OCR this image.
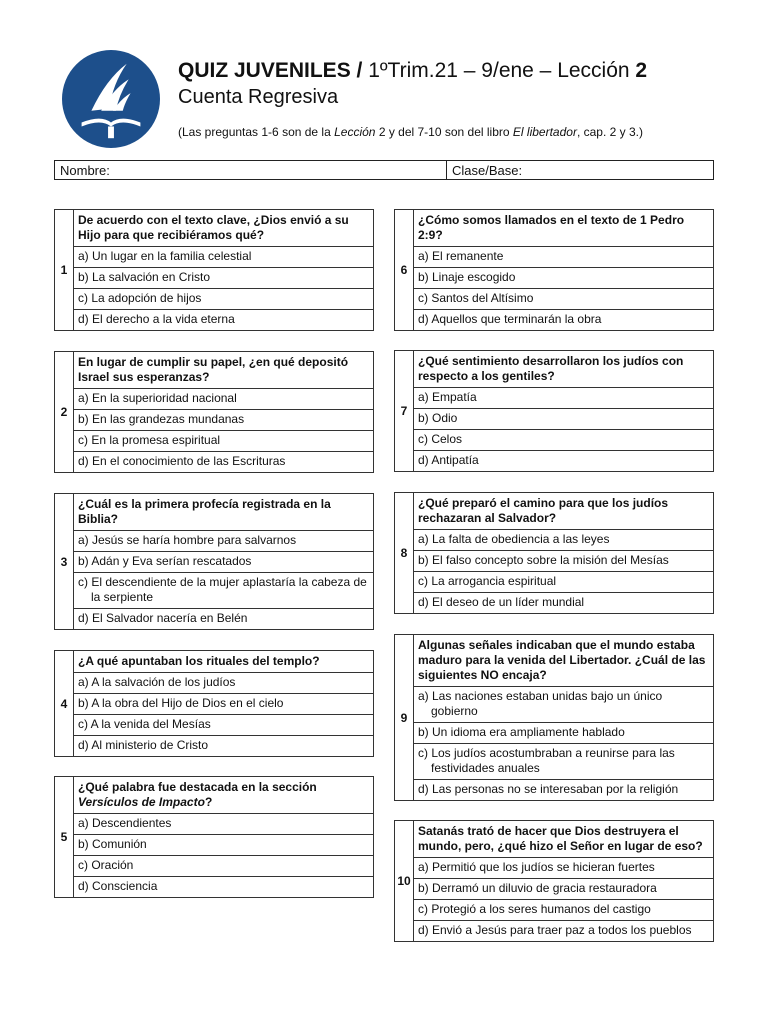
QUIZ JUVENILES / 1ºTrim.21 – 9/ene – Lección 2
Cuenta Regresiva
(Las preguntas 1-6 son de la Lección 2 y del 7-10 son del libro El libertador, cap. 2 y 3.)
Nombre:	Clase/Base:
1	De acuerdo con el texto clave, ¿Dios envió a su Hijo para que recibiéramos qué?
a) Un lugar en la familia celestial
b) La salvación en Cristo
c) La adopción de hijos
d) El derecho a la vida eterna
2	En lugar de cumplir su papel, ¿en qué depositó Israel sus esperanzas?
a) En la superioridad nacional
b) En las grandezas mundanas
c) En la promesa espiritual
d) En el conocimiento de las Escrituras
3	¿Cuál es la primera profecía registrada en la Biblia?
a) Jesús se haría hombre para salvarnos
b) Adán y Eva serían rescatados

c) El descendiente de la mujer aplastaría la cabeza de la serpiente

d) El Salvador nacería en Belén
4	¿A qué apuntaban los rituales del templo?
a) A la salvación de los judíos
b) A la obra del Hijo de Dios en el cielo
c) A la venida del Mesías
d) Al ministerio de Cristo
5	¿Qué palabra fue destacada en la sección Versículos de Impacto?
a) Descendientes
b) Comunión
c) Oración
d) Consciencia
6	¿Cómo somos llamados en el texto de 1 Pedro 2:9?
a) El remanente
b) Linaje escogido
c) Santos del Altísimo
d) Aquellos que terminarán la obra
7	¿Qué sentimiento desarrollaron los judíos con respecto a los gentiles?
a) Empatía
b) Odio
c) Celos
d) Antipatía
8	¿Qué preparó el camino para que los judíos rechazaran al Salvador?
a) La falta de obediencia a las leyes
b) El falso concepto sobre la misión del Mesías
c) La arrogancia espiritual
d) El deseo de un líder mundial
9	Algunas señales indicaban que el mundo estaba maduro para la venida del Libertador. ¿Cuál de las siguientes NO encaja?

a) Las naciones estaban unidas bajo un único gobierno

b) Un idioma era ampliamente hablado

c) Los judíos acostumbraban a reunirse para las festividades anuales

d) Las personas no se interesaban por la religión
10	Satanás trató de hacer que Dios destruyera el mundo, pero, ¿qué hizo el Señor en lugar de eso?
a) Permitió que los judíos se hicieran fuertes
b) Derramó un diluvio de gracia restauradora
c) Protegió a los seres humanos del castigo
d) Envió a Jesús para traer paz a todos los pueblos
